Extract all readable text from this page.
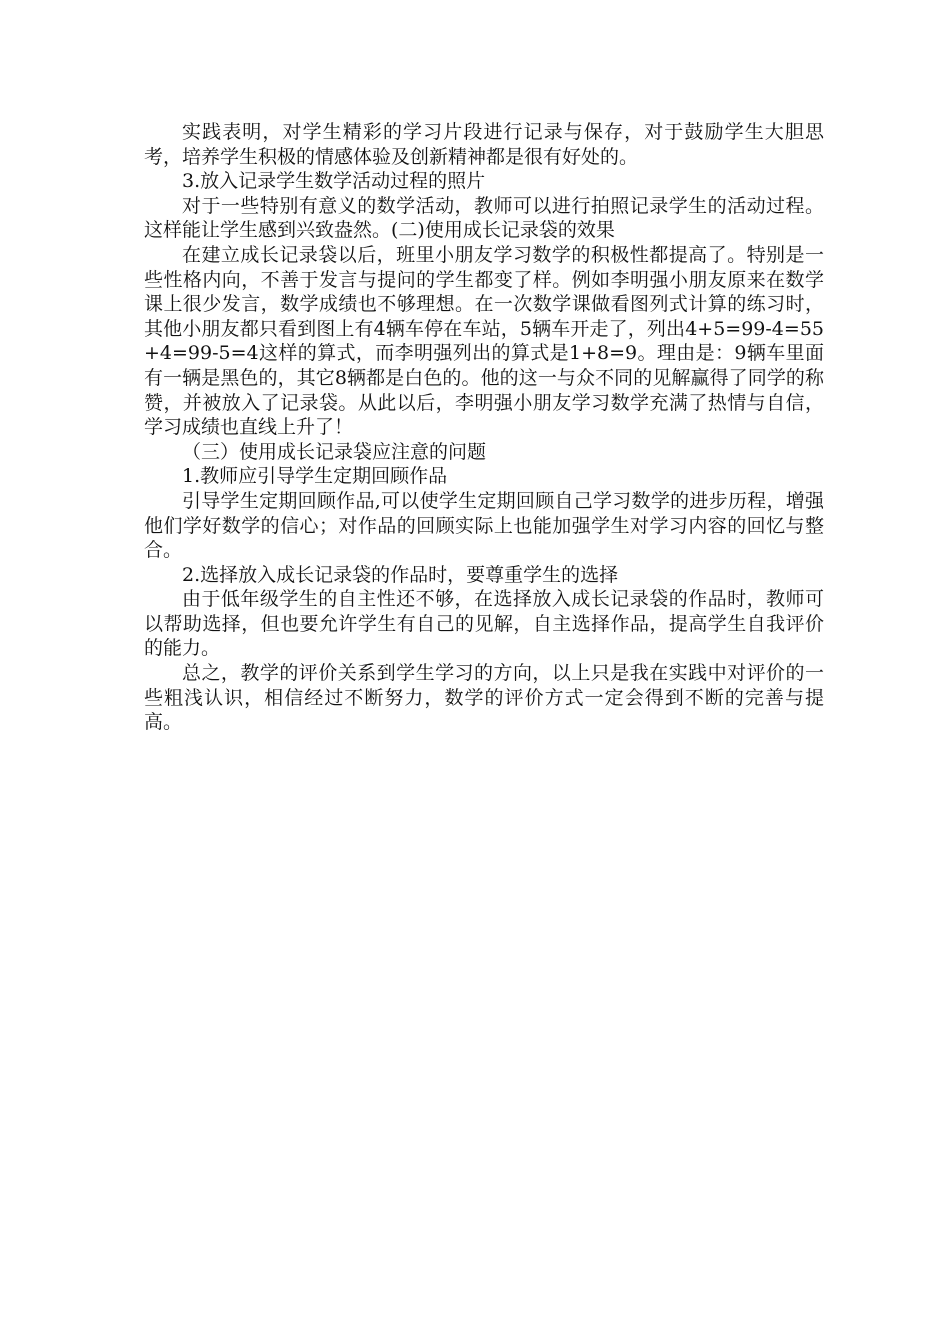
实践表明，对学生精彩的学习片段进行记录与保存，对于鼓励学生大胆思考，培养学生积极的情感体验及创新精神都是很有好处的。

3.放入记录学生数学活动过程的照片

对于一些特别有意义的数学活动，教师可以进行拍照记录学生的活动过程。这样能让学生感到兴致盎然。(二)使用成长记录袋的效果

在建立成长记录袋以后，班里小朋友学习数学的积极性都提高了。特别是一些性格内向，不善于发言与提问的学生都变了样。例如李明强小朋友原来在数学课上很少发言，数学成绩也不够理想。在一次数学课做看图列式计算的练习时，其他小朋友都只看到图上有4辆车停在车站，5辆车开走了，列出4+5=99-4=55+4=99-5=4这样的算式，而李明强列出的算式是1+8=9。理由是：9辆车里面有一辆是黑色的，其它8辆都是白色的。他的这一与众不同的见解赢得了同学的称赞，并被放入了记录袋。从此以后，李明强小朋友学习数学充满了热情与自信，学习成绩也直线上升了！

（三）使用成长记录袋应注意的问题

1.教师应引导学生定期回顾作品

引导学生定期回顾作品,可以使学生定期回顾自己学习数学的进步历程，增强他们学好数学的信心；对作品的回顾实际上也能加强学生对学习内容的回忆与整合。

2.选择放入成长记录袋的作品时，要尊重学生的选择

由于低年级学生的自主性还不够，在选择放入成长记录袋的作品时，教师可以帮助选择，但也要允许学生有自己的见解，自主选择作品，提高学生自我评价的能力。

总之，教学的评价关系到学生学习的方向，以上只是我在实践中对评价的一些粗浅认识，相信经过不断努力，数学的评价方式一定会得到不断的完善与提高。
